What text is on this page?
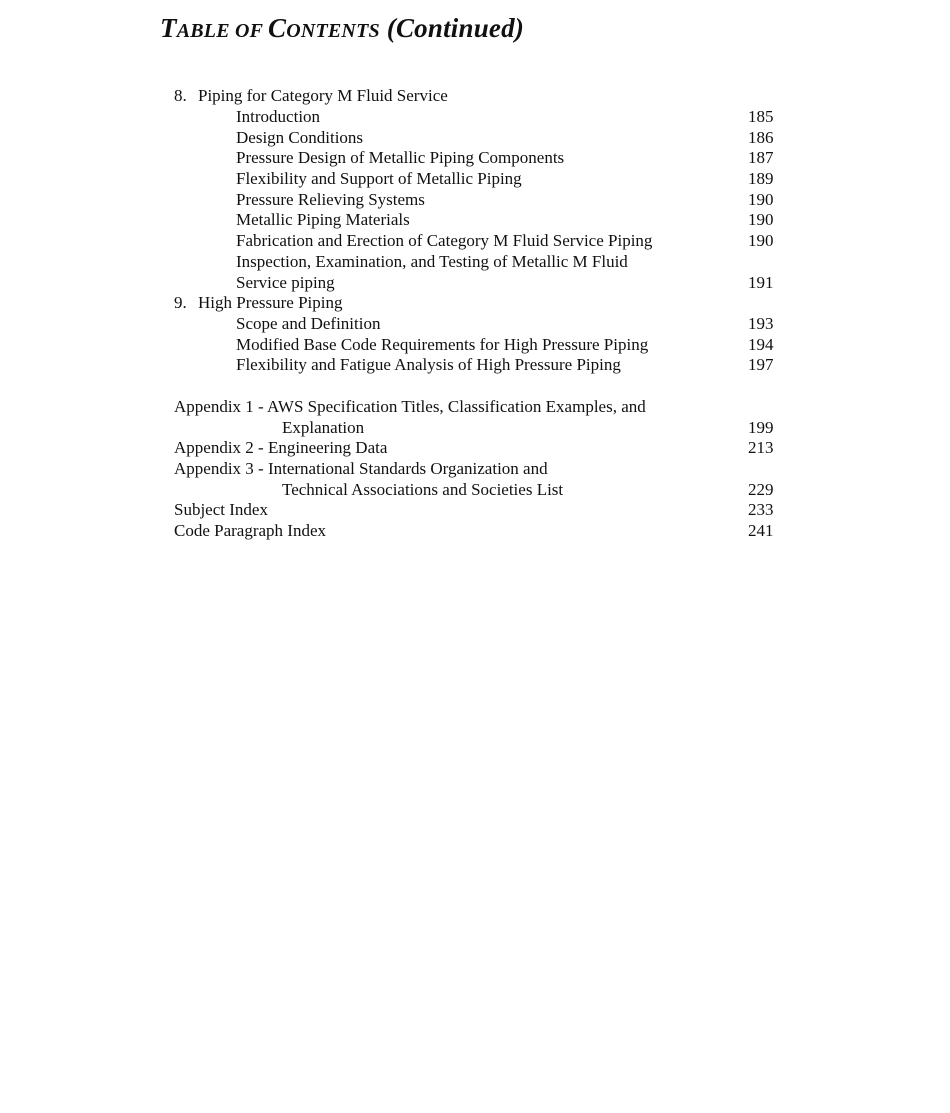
TABLE OF CONTENTS (Continued)
8. Piping for Category M Fluid Service
Introduction	185
Design Conditions	186
Pressure Design of Metallic Piping Components	187
Flexibility and Support of Metallic Piping	189
Pressure Relieving Systems	190
Metallic Piping Materials	190
Fabrication and Erection of Category M Fluid Service Piping	190
Inspection, Examination, and Testing of Metallic M Fluid
Service piping	191
9. High Pressure Piping
Scope and Definition	193
Modified Base Code Requirements for High Pressure Piping	194
Flexibility and Fatigue Analysis of High Pressure Piping	197
Appendix 1 - AWS Specification Titles, Classification Examples, and
Explanation	199
Appendix 2 - Engineering Data	213
Appendix 3 - International Standards Organization and
Technical Associations and Societies List	229
Subject Index	233
Code Paragraph Index	241
